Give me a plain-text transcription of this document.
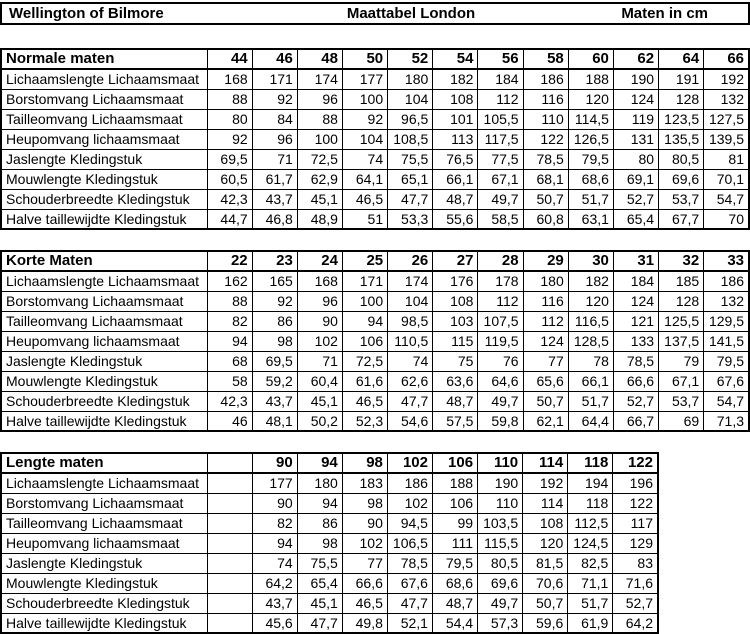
Wellington of Bilmore	Maattabel London	Maten in cm
Normale maten	44	46	48	50	52	54	56	58	60	62	64	66
Lichaamslengte Lichaamsmaat	168	171	174	177	180	182	184	186	188	190	191	192
Borstomvang Lichaamsmaat	88	92	96	100	104	108	112	116	120	124	128	132
Tailleomvang Lichaamsmaat	80	84	88	92	96,5	101	105,5	110	114,5	119	123,5	127,5
Heupomvang lichaamsmaat	92	96	100	104	108,5	113	117,5	122	126,5	131	135,5	139,5
Jaslengte Kledingstuk	69,5	71	72,5	74	75,5	76,5	77,5	78,5	79,5	80	80,5	81
Mouwlengte Kledingstuk	60,5	61,7	62,9	64,1	65,1	66,1	67,1	68,1	68,6	69,1	69,6	70,1
Schouderbreedte Kledingstuk	42,3	43,7	45,1	46,5	47,7	48,7	49,7	50,7	51,7	52,7	53,7	54,7
Halve taillewijdte Kledingstuk	44,7	46,8	48,9	51	53,3	55,6	58,5	60,8	63,1	65,4	67,7	70
Korte Maten	22	23	24	25	26	27	28	29	30	31	32	33
Lichaamslengte Lichaamsmaat	162	165	168	171	174	176	178	180	182	184	185	186
Borstomvang Lichaamsmaat	88	92	96	100	104	108	112	116	120	124	128	132
Tailleomvang Lichaamsmaat	82	86	90	94	98,5	103	107,5	112	116,5	121	125,5	129,5
Heupomvang lichaamsmaat	94	98	102	106	110,5	115	119,5	124	128,5	133	137,5	141,5
Jaslengte Kledingstuk	68	69,5	71	72,5	74	75	76	77	78	78,5	79	79,5
Mouwlengte Kledingstuk	58	59,2	60,4	61,6	62,6	63,6	64,6	65,6	66,1	66,6	67,1	67,6
Schouderbreedte Kledingstuk	42,3	43,7	45,1	46,5	47,7	48,7	49,7	50,7	51,7	52,7	53,7	54,7
Halve taillewijdte Kledingstuk	46	48,1	50,2	52,3	54,6	57,5	59,8	62,1	64,4	66,7	69	71,3
Lengte maten		90	94	98	102	106	110	114	118	122
Lichaamslengte Lichaamsmaat		177	180	183	186	188	190	192	194	196
Borstomvang Lichaamsmaat		90	94	98	102	106	110	114	118	122
Tailleomvang Lichaamsmaat		82	86	90	94,5	99	103,5	108	112,5	117
Heupomvang lichaamsmaat		94	98	102	106,5	111	115,5	120	124,5	129
Jaslengte Kledingstuk		74	75,5	77	78,5	79,5	80,5	81,5	82,5	83
Mouwlengte Kledingstuk		64,2	65,4	66,6	67,6	68,6	69,6	70,6	71,1	71,6
Schouderbreedte Kledingstuk		43,7	45,1	46,5	47,7	48,7	49,7	50,7	51,7	52,7
Halve taillewijdte Kledingstuk		45,6	47,7	49,8	52,1	54,4	57,3	59,6	61,9	64,2
